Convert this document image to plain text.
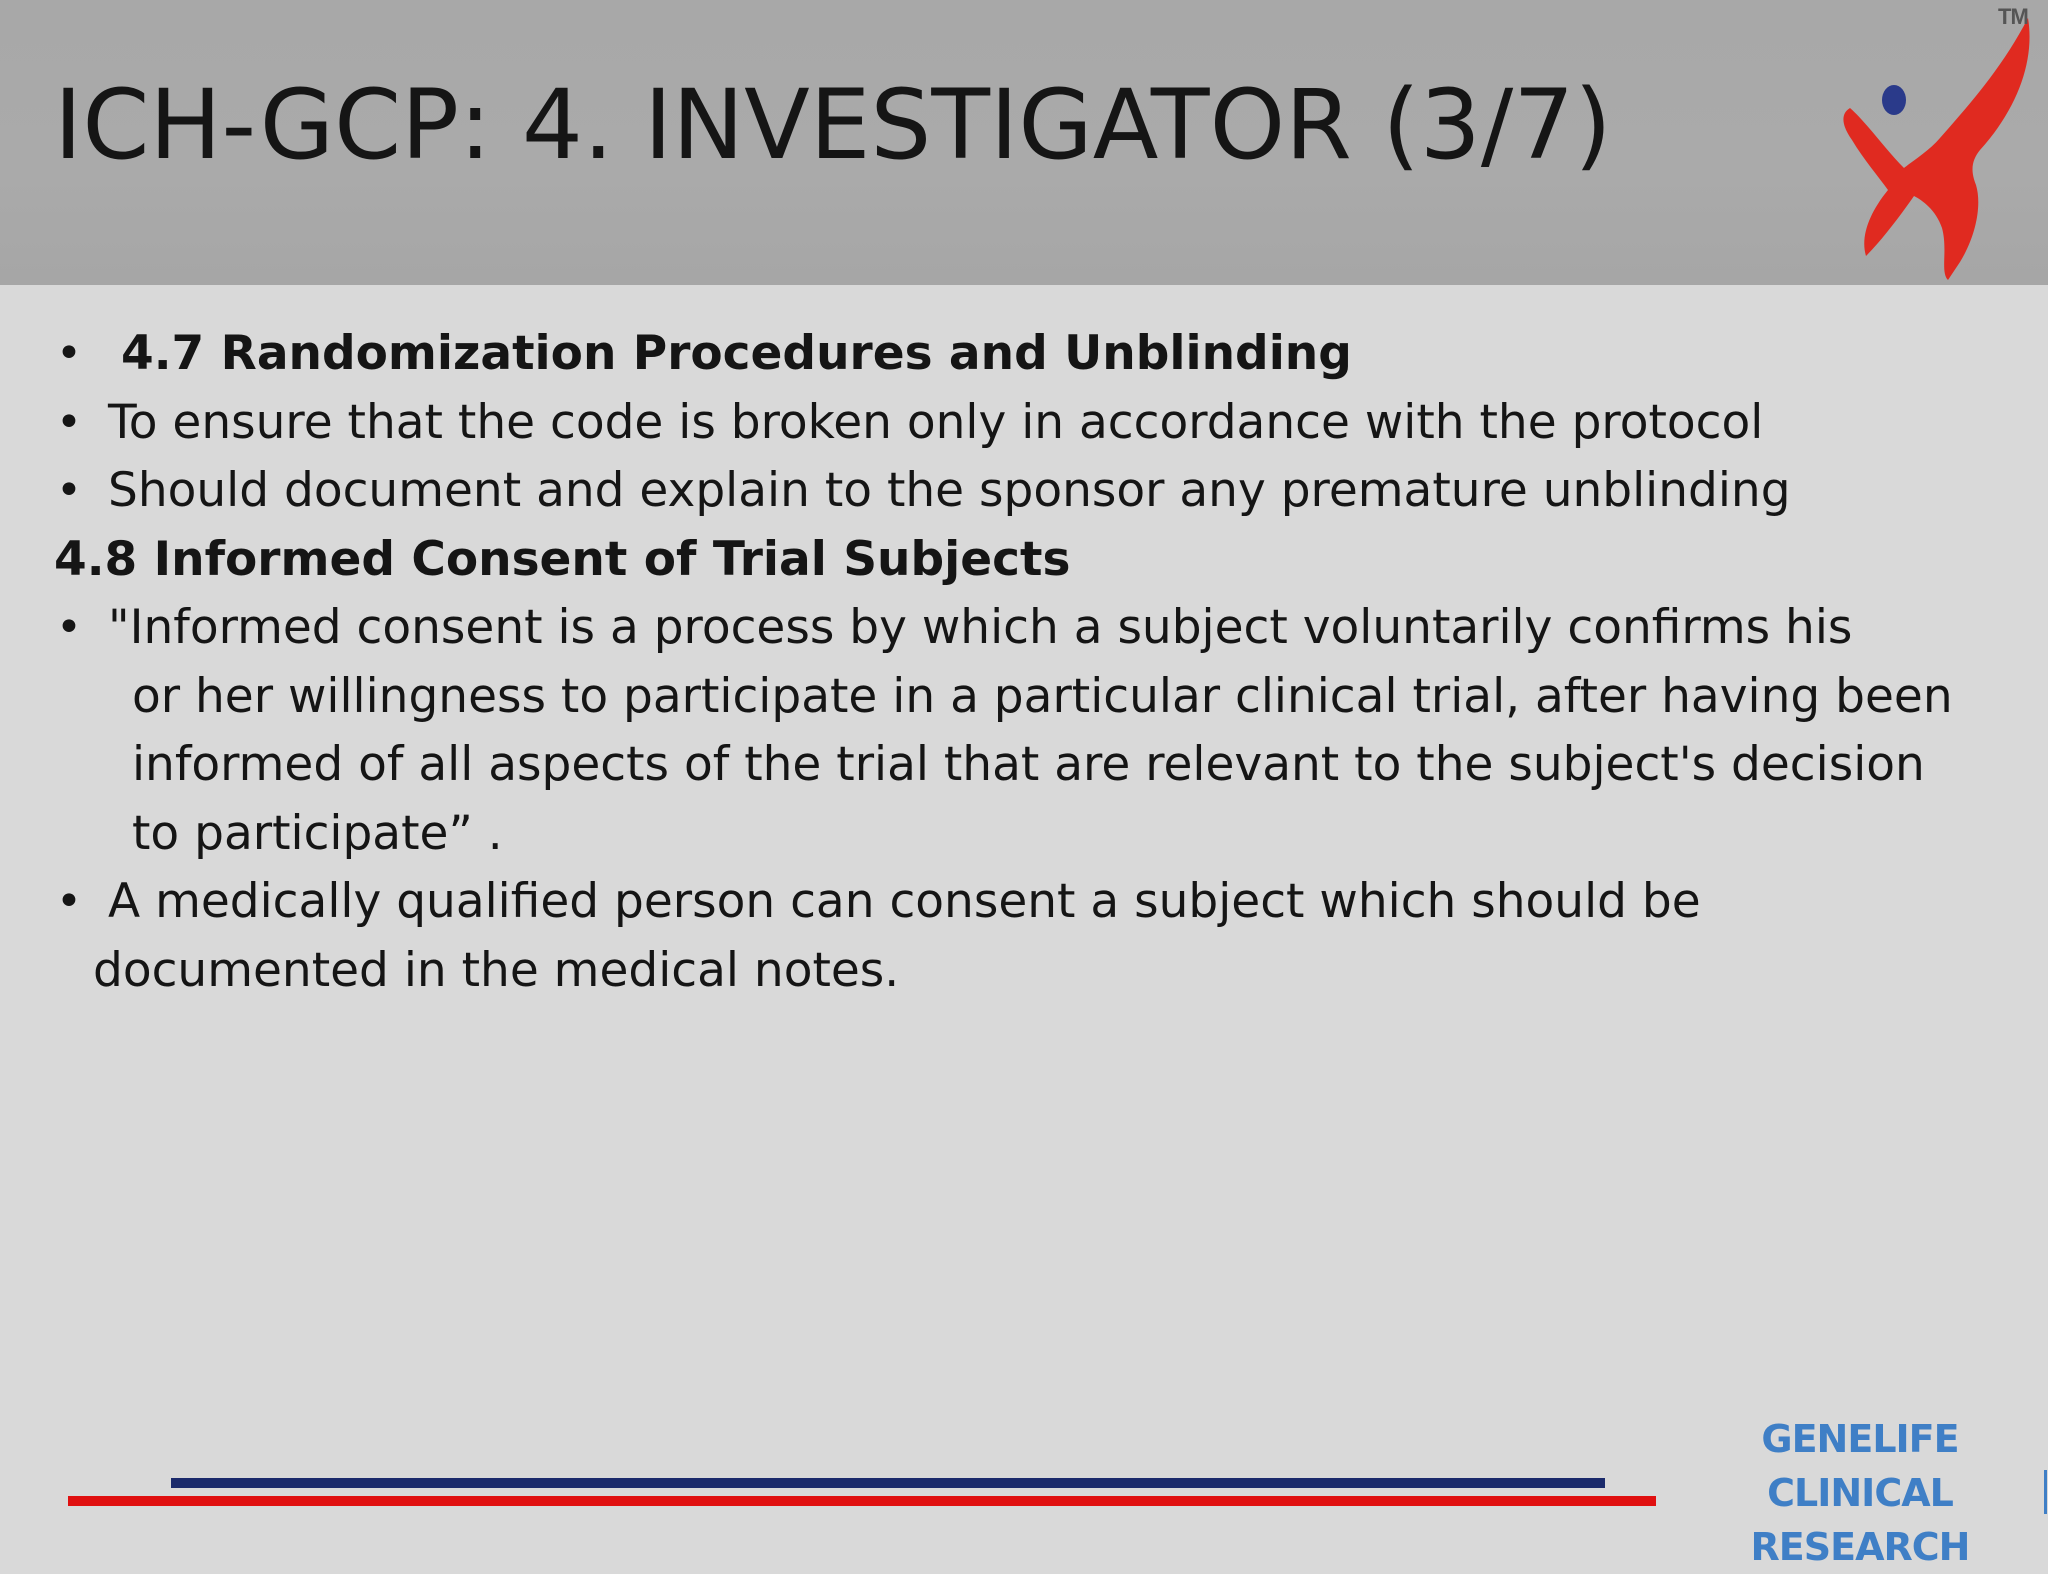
ICH-GCP: 4. INVESTIGATOR (3/7)
TM
• 4.7 Randomization Procedures and Unblinding
• To ensure that the code is broken only in accordance with the protocol
• Should document and explain to the sponsor any premature unblinding
4.8 Informed Consent of Trial Subjects
• "Informed consent is a process by which a subject voluntarily confirms his
or her willingness to participate in a particular clinical trial, after having been
informed of all aspects of the trial that are relevant to the subject's decision
to participate” .
• A medically qualified person can consent a subject which should be
documented in the medical notes.
GENELIFE CLINICAL
RESEARCH
